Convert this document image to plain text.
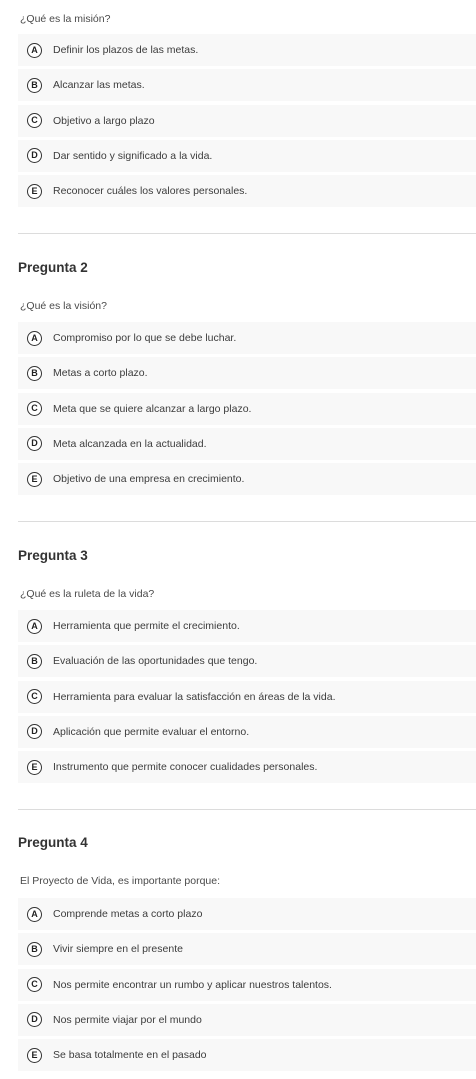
¿Qué es la misión?
A	Definir los plazos de las metas.
B	Alcanzar las metas.
C	Objetivo a largo plazo
D	Dar sentido y significado a la vida.
E	Reconocer cuáles los valores personales.
Pregunta 2
¿Qué es la visión?
A	Compromiso por lo que se debe luchar.
B	Metas a corto plazo.
C	Meta que se quiere alcanzar a largo plazo.
D	Meta alcanzada en la actualidad.
E	Objetivo de una empresa en crecimiento.
Pregunta 3
¿Qué es la ruleta de la vida?
A	Herramienta que permite el crecimiento.
B	Evaluación de las oportunidades que tengo.
C	Herramienta para evaluar la satisfacción en áreas de la vida.
D	Aplicación que permite evaluar el entorno.
E	Instrumento que permite conocer cualidades personales.
Pregunta 4
El Proyecto de Vida, es importante porque:
A	Comprende metas a corto plazo
B	Vivir siempre en el presente
C	Nos permite encontrar un rumbo y aplicar nuestros talentos.
D	Nos permite viajar por el mundo
E	Se basa totalmente en el pasado
